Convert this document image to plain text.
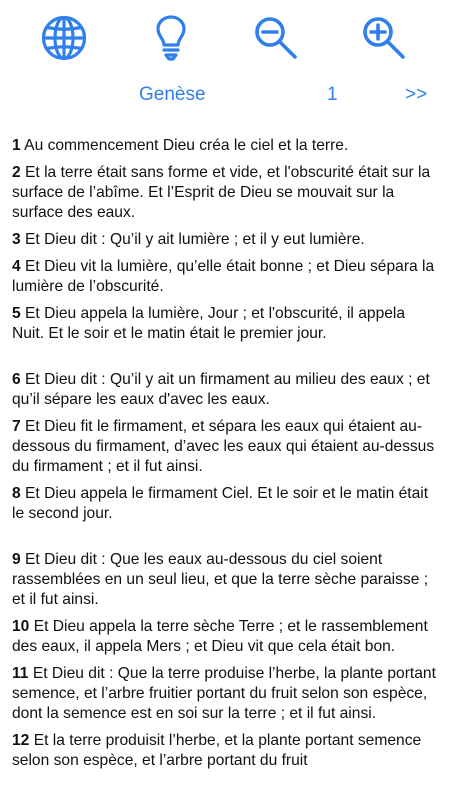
Genèse	1	>>

1 Au commencement Dieu créa le ciel et la terre.

2 Et la terre était sans forme et vide, et l'obscurité était sur la surface de l’abîme. Et l’Esprit de Dieu se mouvait sur la surface des eaux.

3 Et Dieu dit : Qu’il y ait lumière ; et il y eut lumière.

4 Et Dieu vit la lumière, qu’elle était bonne ; et Dieu sépara la lumière de l’obscurité.

5 Et Dieu appela la lumière, Jour ; et l'obscurité, il appela Nuit. Et le soir et le matin était le premier jour.

6 Et Dieu dit : Qu’il y ait un firmament au milieu des eaux ; et qu’il sépare les eaux d'avec les eaux.

7 Et Dieu fit le firmament, et sépara les eaux qui étaient au-dessous du firmament, d’avec les eaux qui étaient au-dessus du firmament ; et il fut ainsi.

8 Et Dieu appela le firmament Ciel. Et le soir et le matin était le second jour.

9 Et Dieu dit : Que les eaux au-dessous du ciel soient rassemblées en un seul lieu, et que la terre sèche paraisse ; et il fut ainsi.

10 Et Dieu appela la terre sèche Terre ; et le rassemblement des eaux, il appela Mers ; et Dieu vit que cela était bon.

11 Et Dieu dit : Que la terre produise l’herbe, la plante portant semence, et l’arbre fruitier portant du fruit selon son espèce, dont la semence est en soi sur la terre ; et il fut ainsi.

12 Et la terre produisit l’herbe, et la plante portant semence selon son espèce, et l’arbre portant du fruit
